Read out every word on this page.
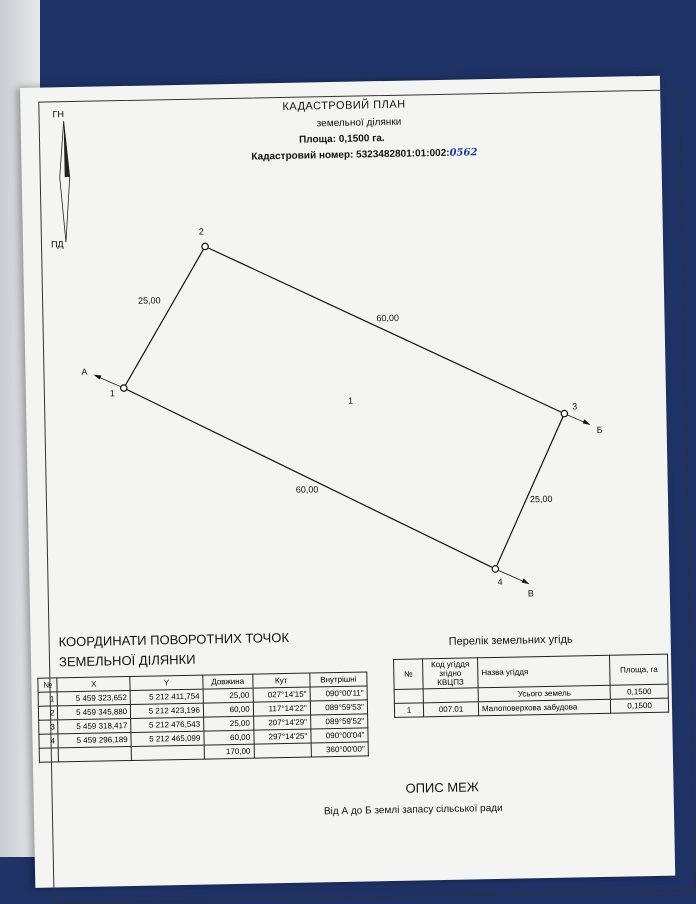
ГН
ПД
КАДАСТРОВИЙ ПЛАН
земельної ділянки
Площа: 0,1500 га.
Кадастровий номер: 5323482801:01:002:0562
1
2
3
4
25,00
60,00
25,00
60,00
1
А
Б
В
КООРДИНАТИ ПОВОРОТНИХ ТОЧОК ЗЕМЕЛЬНОЇ ДІЛЯНКИ
№	X	Y	Довжина	Кут	Внутрішні
1	5 459 323,652	5 212 411,754	25,00	027°14'15"	090°00'11"
2	5 459 345,880	5 212 423,196	60,00	117°14'22"	089°59'53"
3	5 459 318,417	5 212 476,543	25,00	207°14'29"	089°59'52"
4	5 459 296,189	5 212 465,099	60,00	297°14'25"	090°00'04"
			170,00		360°00'00"
Перелік земельних угідь
№	Код угіддя згідно КВЦПЗ	Назва угіддя	Площа, га
		Усього земель	0,1500
1	007.01	Малоповерхова забудова	0,1500
ОПИС МЕЖ
Від А до Б землі запасу сільської ради
